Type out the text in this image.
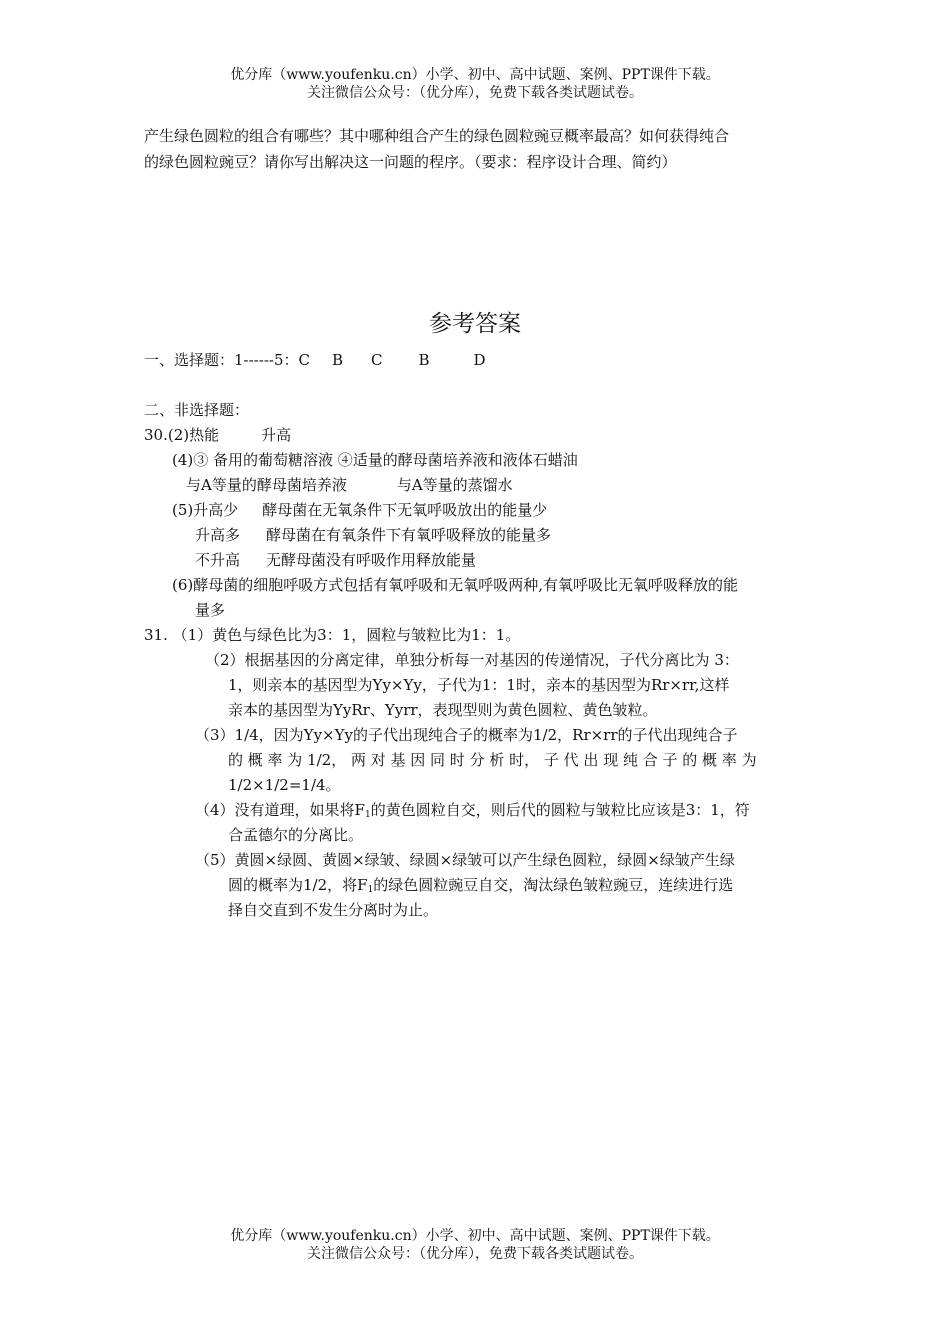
优分库（www.youfenku.cn）小学、初中、高中试题、案例、PPT课件下载。
关注微信公众号：（优分库），免费下载各类试题试卷。
产生绿色圆粒的组合有哪些？其中哪种组合产生的绿色圆粒豌豆概率最高？如何获得纯合
的绿色圆粒豌豆？请你写出解决这一问题的程序。（要求：程序设计合理、简约）
参考答案
一、选择题：1------5：C B C B	D
二、非选择题：
30.(2)热能	升高
(4)③ 备用的葡萄糖溶液 ④适量的酵母菌培养液和液体石蜡油
与A等量的酵母菌培养液	与A等量的蒸馏水
(5)升高少 酵母菌在无氧条件下无氧呼吸放出的能量少
升高多 酵母菌在有氧条件下有氧呼吸释放的能量多
不升高 无酵母菌没有呼吸作用释放能量
(6)酵母菌的细胞呼吸方式包括有氧呼吸和无氧呼吸两种,有氧呼吸比无氧呼吸释放的能
量多
31. （1）黄色与绿色比为3：1，圆粒与皱粒比为1：1。
（2）根据基因的分离定律，单独分析每一对基因的传递情况，子代分离比为 3：
1，则亲本的基因型为Yy×Yy，子代为1：1时，亲本的基因型为Rr×rr,这样
亲本的基因型为YyRr、Yyrr，表现型则为黄色圆粒、黄色皱粒。
（3）1/4，因为Yy×Yy的子代出现纯合子的概率为1/2，Rr×rr的子代出现纯合子
的 概 率 为 1/2， 两 对 基 因 同 时 分 析 时， 子 代 出 现 纯 合 子 的 概 率 为
1/2×1/2=1/4。
（4）没有道理，如果将$F_1$的黄色圆粒自交，则后代的圆粒与皱粒比应该是3：1，符
合孟德尔的分离比。
（5）黄圆×绿圆、黄圆×绿皱、绿圆×绿皱可以产生绿色圆粒，绿圆×绿皱产生绿
圆的概率为1/2，将$F_1$的绿色圆粒豌豆自交，淘汰绿色皱粒豌豆，连续进行选
择自交直到不发生分离时为止。
优分库（www.youfenku.cn）小学、初中、高中试题、案例、PPT课件下载。
关注微信公众号：（优分库），免费下载各类试题试卷。
